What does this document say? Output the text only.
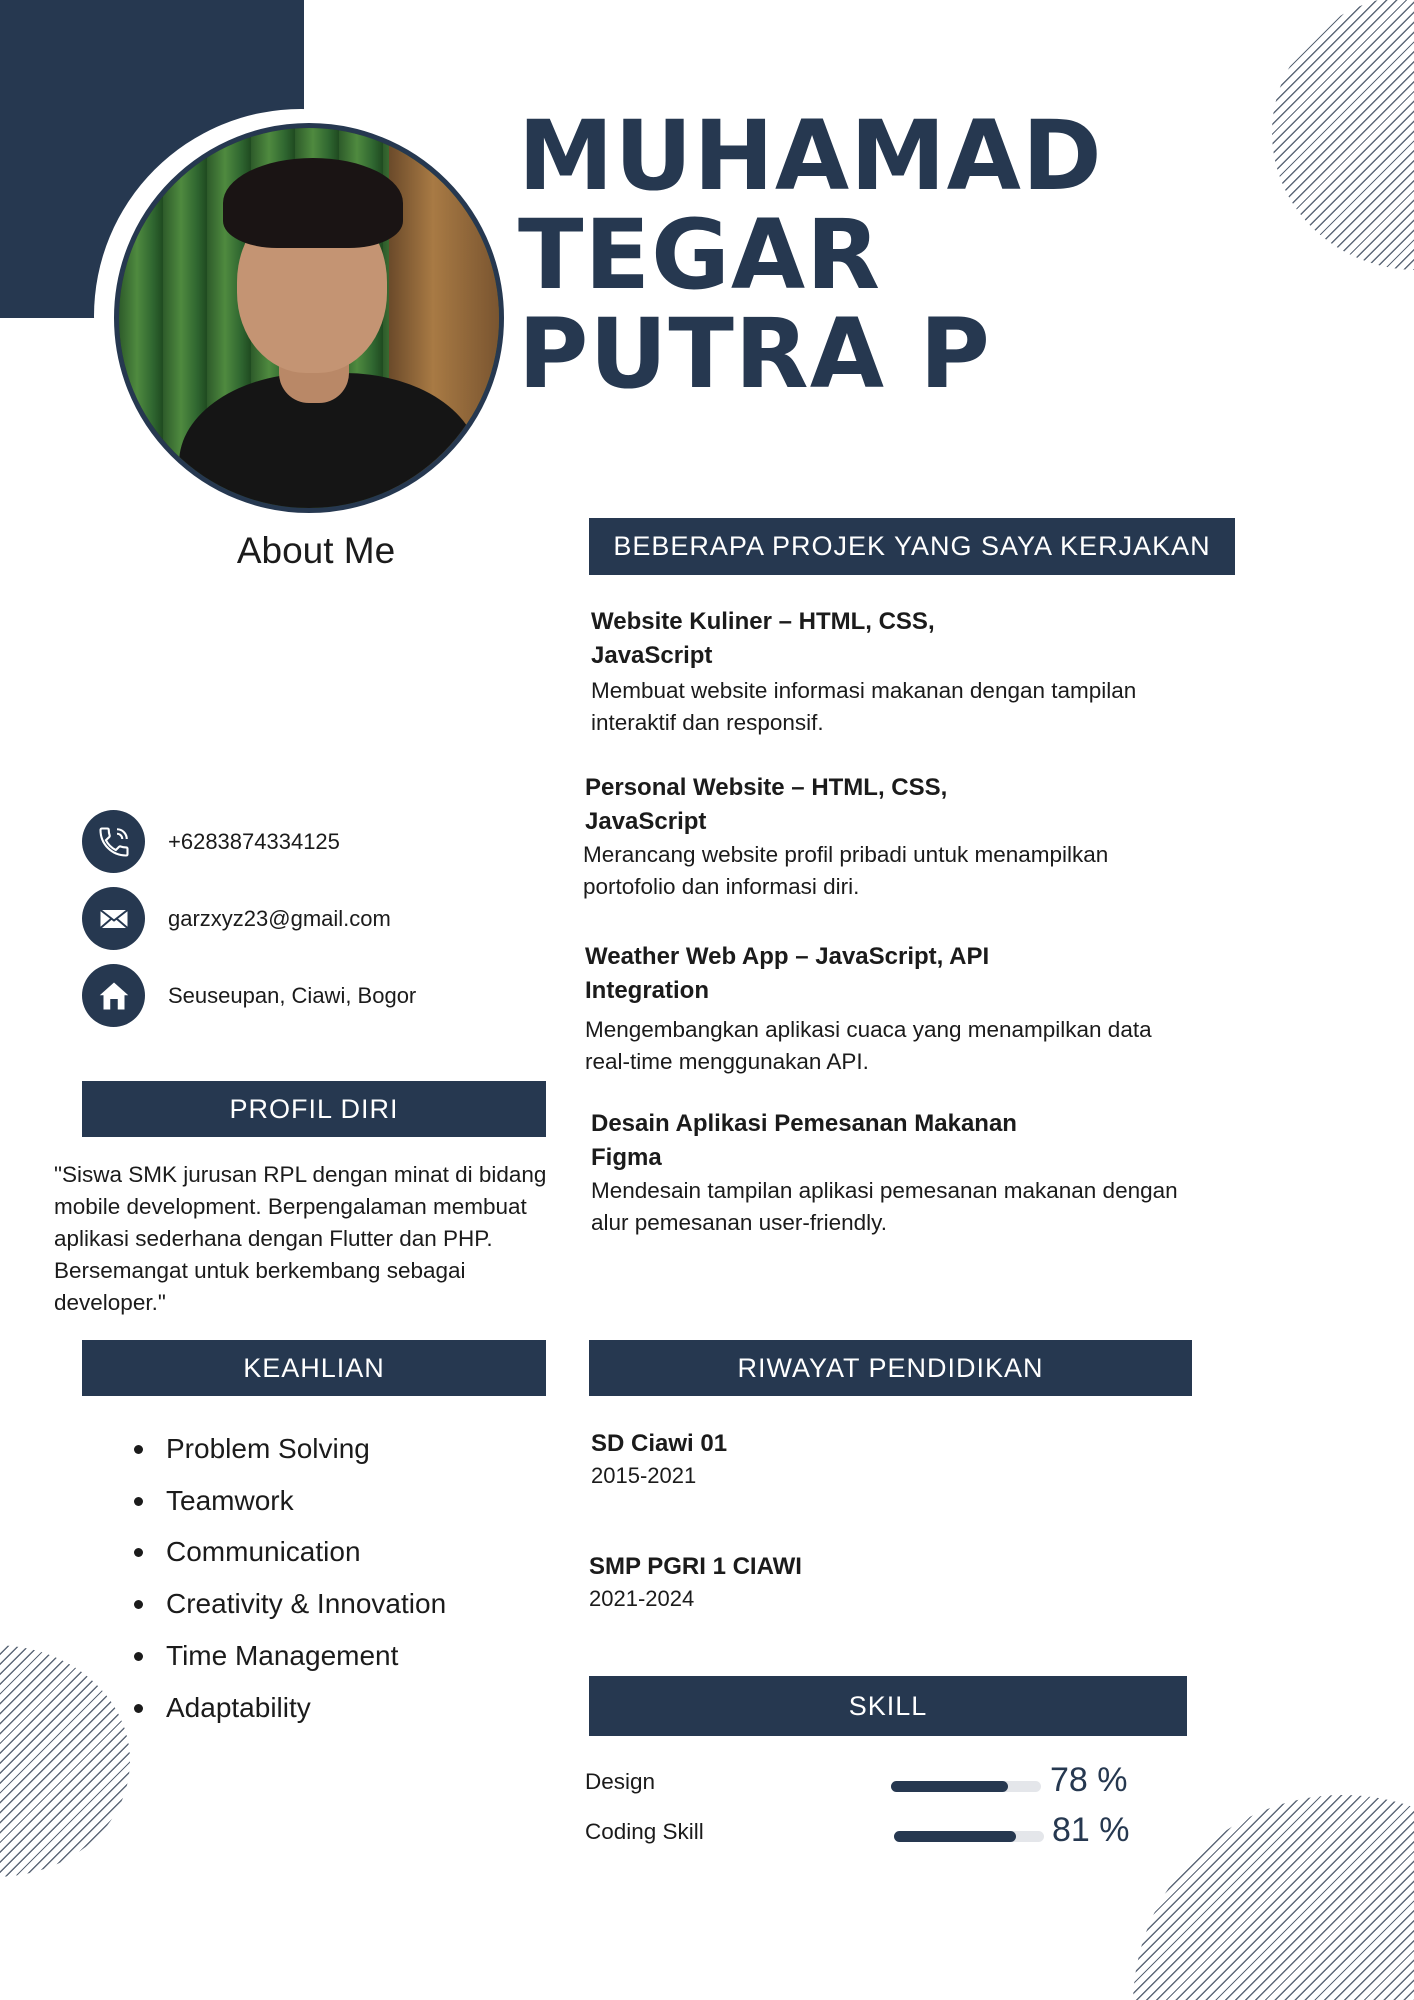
MUHAMAD
TEGAR
PUTRA P
About Me
+6283874334125
garzxyz23@gmail.com
Seuseupan, Ciawi, Bogor
PROFIL DIRI
"Siswa SMK jurusan RPL dengan minat di bidang mobile development. Berpengalaman membuat aplikasi sederhana dengan Flutter dan PHP. Bersemangat untuk berkembang sebagai developer."
KEAHLIAN
Problem Solving
Teamwork
Communication
Creativity & Innovation
Time Management
Adaptability
BEBERAPA PROJEK YANG SAYA KERJAKAN
Website Kuliner – HTML, CSS,
JavaScript
Membuat website informasi makanan dengan tampilan
interaktif dan responsif.
Personal Website – HTML, CSS,
JavaScript
Merancang website profil pribadi untuk menampilkan
portofolio dan informasi diri.
Weather Web App – JavaScript, API
Integration
Mengembangkan aplikasi cuaca yang menampilkan data
real-time menggunakan API.
Desain Aplikasi Pemesanan Makanan
Figma
Mendesain tampilan aplikasi pemesanan makanan dengan
alur pemesanan user-friendly.
RIWAYAT PENDIDIKAN
SD Ciawi 01
2015-2021
SMP PGRI 1 CIAWI
2021-2024
SKILL
Design	78 %
Coding Skill	81 %
